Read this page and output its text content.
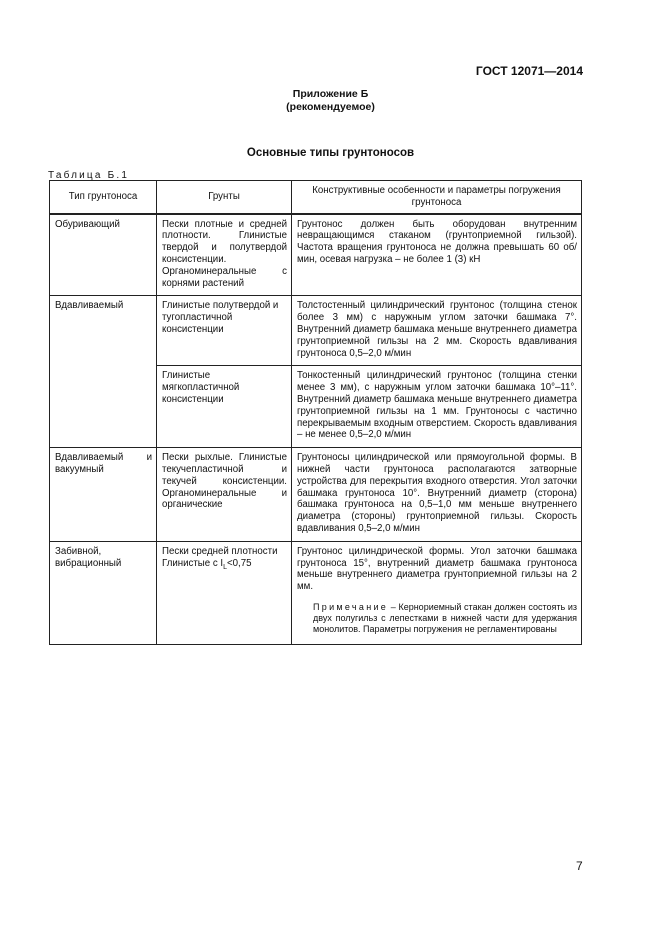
ГОСТ 12071—2014
Приложение Б
(рекомендуемое)
Основные типы грунтоносов
Таблица Б.1
Тип грунтоноса	Грунты	Конструктивные особенности и параметры погружения грунтоноса
Обуривающий	Пески плотные и средней плотности. Глинистые твердой и полутвердой консистенции. Органоминеральные с корнями растений	Грунтонос должен быть оборудован внутренним невращающимся стаканом (грунтоприемной гильзой). Частота вращения грунтоноса не должна превышать 60 об/мин, осевая нагрузка – не более 1 (3) кН
Вдавливаемый	Глинистые полутвердой и тугопластичной консистенции	Толстостенный цилиндрический грунтонос (толщина стенок более 3 мм) с наружным углом заточки башмака 7°. Внутренний диаметр башмака меньше внутреннего диаметра грунтоприемной гильзы на 2 мм. Скорость вдавливания грунтоноса 0,5–2,0 м/мин
	Глинистые мягкопластичной консистенции	Тонкостенный цилиндрический грунтонос (толщина стенки менее 3 мм), с наружным углом заточки башмака 10°–11°. Внутренний диаметр башмака меньше внутреннего диаметра грунтоприемной гильзы на 1 мм. Грунтоносы с частично перекрываемым входным отверстием. Скорость вдавливания – не менее 0,5–2,0 м/мин
Вдавливаемый и вакуумный	Пески рыхлые. Глинистые текучепластичной и текучей консистенции. Органоминеральные и органические	Грунтоносы цилиндрической или прямоугольной формы. В нижней части грунтоноса располагаются затворные устройства для перекрытия входного отверстия. Угол заточки башмака грунтоноса 10°. Внутренний диаметр (сторона) башмака грунтоноса на 0,5–1,0 мм меньше внутреннего диаметра (стороны) грунтоприемной гильзы. Скорость вдавливания 0,5–2,0 м/мин
Забивной, вибрационный	Пески средней плотности Глинистые с $I_L<0,75$	Грунтонос цилиндрической формы. Угол заточки башмака грунтоноса 15°, внутренний диаметр башмака грунтоноса меньше внутреннего диаметра грунтоприемной гильзы на 2 мм.
Примечание – Кернориемный стакан должен состоять из двух полугильз с лепестками в нижней части для удержания монолитов. Параметры погружения не регламентированы
7
